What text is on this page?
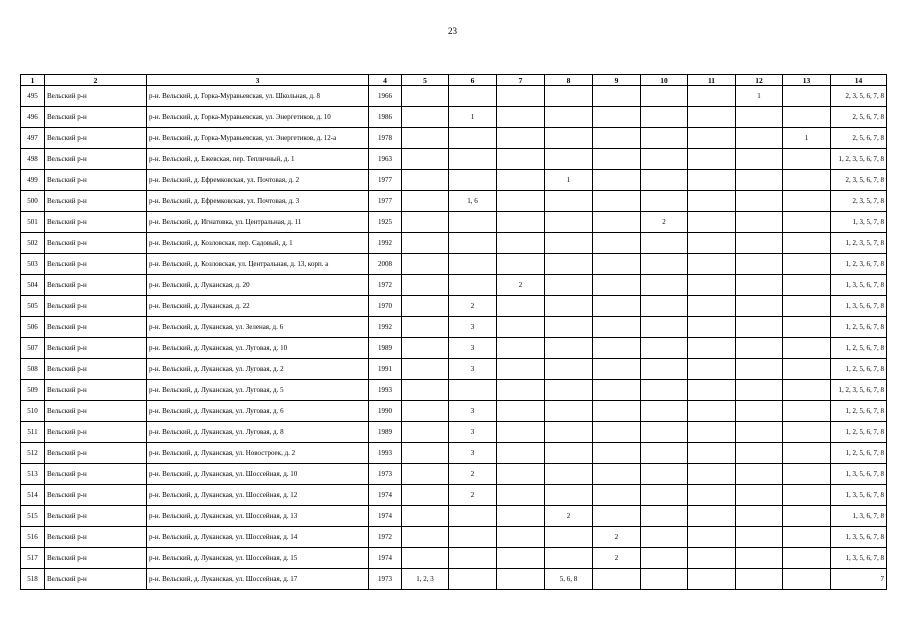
23
1	2	3	4	5	6	7	8	9	10	11	12	13	14
495	Вельский р-н	р-н. Вельский, д. Горка-Муравьевская, ул. Школьная, д. 8	1966								1		2, 3, 5, 6, 7, 8
496	Вельский р-н	р-н. Вельский, д. Горка-Муравьевская, ул. Энергетиков, д. 10	1986		1								2, 5, 6, 7, 8
497	Вельский р-н	р-н. Вельский, д. Горка-Муравьевская, ул. Энергетиков, д. 12-а	1978									1	2, 5, 6, 7, 8
498	Вельский р-н	р-н. Вельский, д. Ежевская, пер. Тепличный, д. 1	1963										1, 2, 3, 5, 6, 7, 8
499	Вельский р-н	р-н. Вельский, д. Ефремковская, ул. Почтовая, д. 2	1977				1						2, 3, 5, 6, 7, 8
500	Вельский р-н	р-н. Вельский, д. Ефремковская, ул. Почтовая, д. 3	1977		1, 6								2, 3, 5, 7, 8
501	Вельский р-н	р-н. Вельский, д. Игнатовка, ул. Центральная, д. 11	1925						2				1, 3, 5, 7, 8
502	Вельский р-н	р-н. Вельский, д. Козловская, пер. Садовый, д. 1	1992										1, 2, 3, 5, 7, 8
503	Вельский р-н	р-н. Вельский, д. Козловская, ул. Центральная, д. 13, корп. а	2008										1, 2, 3, 6, 7, 8
504	Вельский р-н	р-н. Вельский, д. Луканская, д. 20	1972			2							1, 3, 5, 6, 7, 8
505	Вельский р-н	р-н. Вельский, д. Луканская, д. 22	1970		2								1, 3, 5, 6, 7, 8
506	Вельский р-н	р-н. Вельский, д. Луканская, ул. Зеленая, д. 6	1992		3								1, 2, 5, 6, 7, 8
507	Вельский р-н	р-н. Вельский, д. Луканская, ул. Луговая, д. 10	1989		3								1, 2, 5, 6, 7, 8
508	Вельский р-н	р-н. Вельский, д. Луканская, ул. Луговая, д. 2	1991		3								1, 2, 5, 6, 7, 8
509	Вельский р-н	р-н. Вельский, д. Луканская, ул. Луговая, д. 5	1993										1, 2, 3, 5, 6, 7, 8
510	Вельский р-н	р-н. Вельский, д. Луканская, ул. Луговая, д. 6	1990		3								1, 2, 5, 6, 7, 8
511	Вельский р-н	р-н. Вельский, д. Луканская, ул. Луговая, д. 8	1989		3								1, 2, 5, 6, 7, 8
512	Вельский р-н	р-н. Вельский, д. Луканская, ул. Новостроек, д. 2	1993		3								1, 2, 5, 6, 7, 8
513	Вельский р-н	р-н. Вельский, д. Луканская, ул. Шоссейная, д. 10	1973		2								1, 3, 5, 6, 7, 8
514	Вельский р-н	р-н. Вельский, д. Луканская, ул. Шоссейная, д. 12	1974		2								1, 3, 5, 6, 7, 8
515	Вельский р-н	р-н. Вельский, д. Луканская, ул. Шоссейная, д. 13	1974				2						1, 3, 6, 7, 8
516	Вельский р-н	р-н. Вельский, д. Луканская, ул. Шоссейная, д. 14	1972					2					1, 3, 5, 6, 7, 8
517	Вельский р-н	р-н. Вельский, д. Луканская, ул. Шоссейная, д. 15	1974					2					1, 3, 5, 6, 7, 8
518	Вельский р-н	р-н. Вельский, д. Луканская, ул. Шоссейная, д. 17	1973	1, 2, 3			5, 6, 8						7
